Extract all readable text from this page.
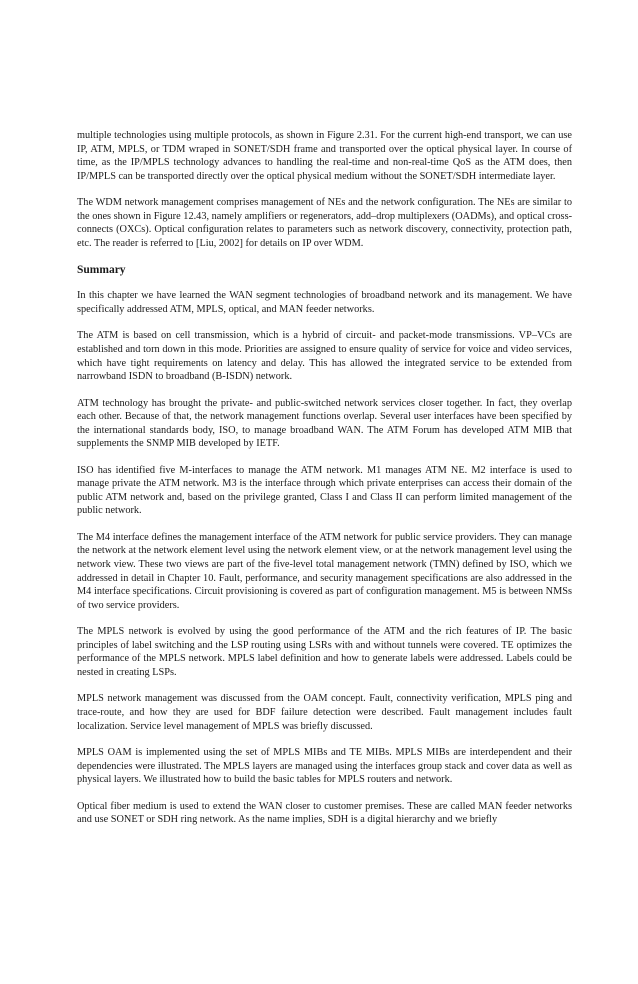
multiple technologies using multiple protocols, as shown in Figure 2.31. For the current high-end transport, we can use IP, ATM, MPLS, or TDM wraped in SONET/SDH frame and transported over the optical physical layer. In course of time, as the IP/MPLS technology advances to handling the real-time and non-real-time QoS as the ATM does, then IP/MPLS can be transported directly over the optical physical medium without the SONET/SDH intermediate layer.

The WDM network management comprises management of NEs and the network configuration. The NEs are similar to the ones shown in Figure 12.43, namely amplifiers or regenerators, add–drop multiplexers (OADMs), and optical cross-connects (OXCs). Optical configuration relates to parameters such as network discovery, connectivity, protection path, etc. The reader is referred to [Liu, 2002] for details on IP over WDM.

Summary

In this chapter we have learned the WAN segment technologies of broadband network and its management. We have specifically addressed ATM, MPLS, optical, and MAN feeder networks.

The ATM is based on cell transmission, which is a hybrid of circuit- and packet-mode transmissions. VP–VCs are established and torn down in this mode. Priorities are assigned to ensure quality of service for voice and video services, which have tight requirements on latency and delay. This has allowed the integrated service to be extended from narrowband ISDN to broadband (B-ISDN) network.

ATM technology has brought the private- and public-switched network services closer together. In fact, they overlap each other. Because of that, the network management functions overlap. Several user interfaces have been specified by the international standards body, ISO, to manage broadband WAN. The ATM Forum has developed ATM MIB that supplements the SNMP MIB developed by IETF.

ISO has identified five M-interfaces to manage the ATM network. M1 manages ATM NE. M2 interface is used to manage private the ATM network. M3 is the interface through which private enterprises can access their domain of the public ATM network and, based on the privilege granted, Class I and Class II can perform limited management of the public network.

The M4 interface defines the management interface of the ATM network for public service providers. They can manage the network at the network element level using the network element view, or at the network management level using the network view. These two views are part of the five-level total management network (TMN) defined by ISO, which we addressed in detail in Chapter 10. Fault, performance, and security management specifications are also addressed in the M4 interface specifications. Circuit provisioning is covered as part of configuration management. M5 is between NMSs of two service providers.

The MPLS network is evolved by using the good performance of the ATM and the rich features of IP. The basic principles of label switching and the LSP routing using LSRs with and without tunnels were covered. TE optimizes the performance of the MPLS network. MPLS label definition and how to generate labels were addressed. Labels could be nested in creating LSPs.

MPLS network management was discussed from the OAM concept. Fault, connectivity verification, MPLS ping and trace-route, and how they are used for BDF failure detection were described. Fault management includes fault localization. Service level management of MPLS was briefly discussed.

MPLS OAM is implemented using the set of MPLS MIBs and TE MIBs. MPLS MIBs are interdependent and their dependencies were illustrated. The MPLS layers are managed using the interfaces group stack and cover data as well as physical layers. We illustrated how to build the basic tables for MPLS routers and network.

Optical fiber medium is used to extend the WAN closer to customer premises. These are called MAN feeder networks and use SONET or SDH ring network. As the name implies, SDH is a digital hierarchy and we briefly
